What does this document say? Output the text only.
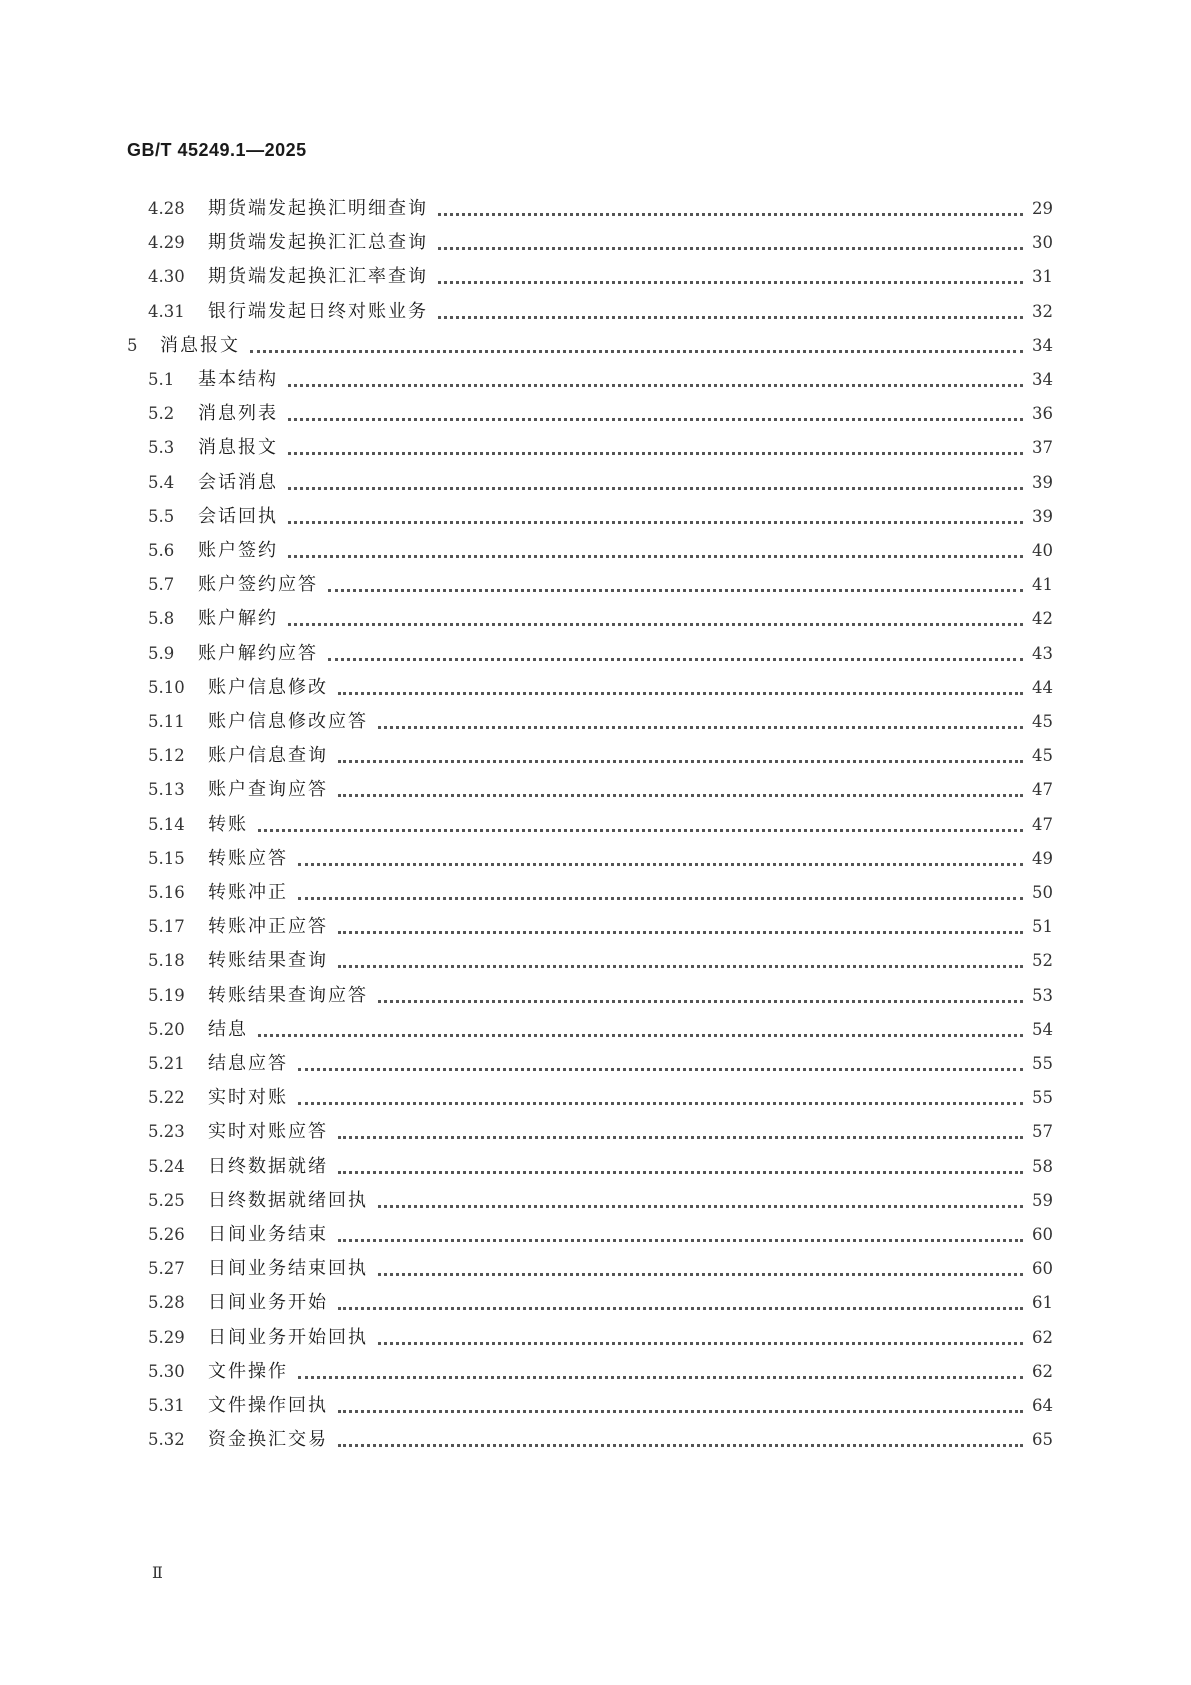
GB/T 45249.1—2025
4.28 期货端发起换汇明细查询	29
4.29 期货端发起换汇汇总查询	30
4.30 期货端发起换汇汇率查询	31
4.31 银行端发起日终对账业务	32
5 消息报文	34
5.1 基本结构	34
5.2 消息列表	36
5.3 消息报文	37
5.4 会话消息	39
5.5 会话回执	39
5.6 账户签约	40
5.7 账户签约应答	41
5.8 账户解约	42
5.9 账户解约应答	43
5.10 账户信息修改	44
5.11 账户信息修改应答	45
5.12 账户信息查询	45
5.13 账户查询应答	47
5.14 转账	47
5.15 转账应答	49
5.16 转账冲正	50
5.17 转账冲正应答	51
5.18 转账结果查询	52
5.19 转账结果查询应答	53
5.20 结息	54
5.21 结息应答	55
5.22 实时对账	55
5.23 实时对账应答	57
5.24 日终数据就绪	58
5.25 日终数据就绪回执	59
5.26 日间业务结束	60
5.27 日间业务结束回执	60
5.28 日间业务开始	61
5.29 日间业务开始回执	62
5.30 文件操作	62
5.31 文件操作回执	64
5.32 资金换汇交易	65
Ⅱ
